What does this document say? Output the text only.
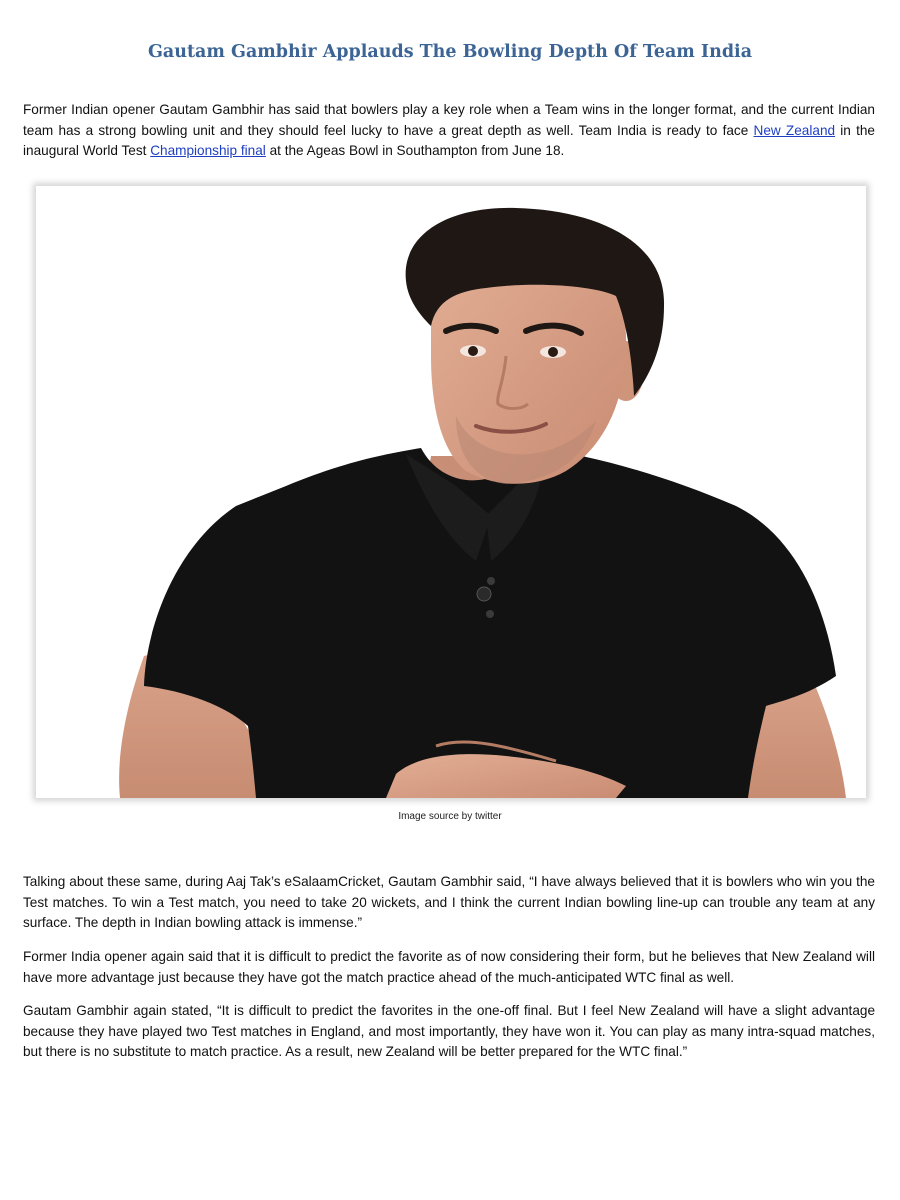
Gautam Gambhir Applauds The Bowling Depth Of Team India

Former Indian opener Gautam Gambhir has said that bowlers play a key role when a Team wins in the longer format, and the current Indian team has a strong bowling unit and they should feel lucky to have a great depth as well. Team India is ready to face New Zealand in the inaugural World Test Championship final at the Ageas Bowl in Southampton from June 18.

Image source by twitter

Talking about these same, during Aaj Tak’s eSalaamCricket, Gautam Gambhir said, “I have always believed that it is bowlers who win you the Test matches. To win a Test match, you need to take 20 wickets, and I think the current Indian bowling line-up can trouble any team at any surface. The depth in Indian bowling attack is immense.”

Former India opener again said that it is difficult to predict the favorite as of now considering their form, but he believes that New Zealand will have more advantage just because they have got the match practice ahead of the much-anticipated WTC final as well.

Gautam Gambhir again stated, “It is difficult to predict the favorites in the one-off final. But I feel New Zealand will have a slight advantage because they have played two Test matches in England, and most importantly, they have won it. You can play as many intra-squad matches, but there is no substitute to match practice. As a result, new Zealand will be better prepared for the WTC final.”
